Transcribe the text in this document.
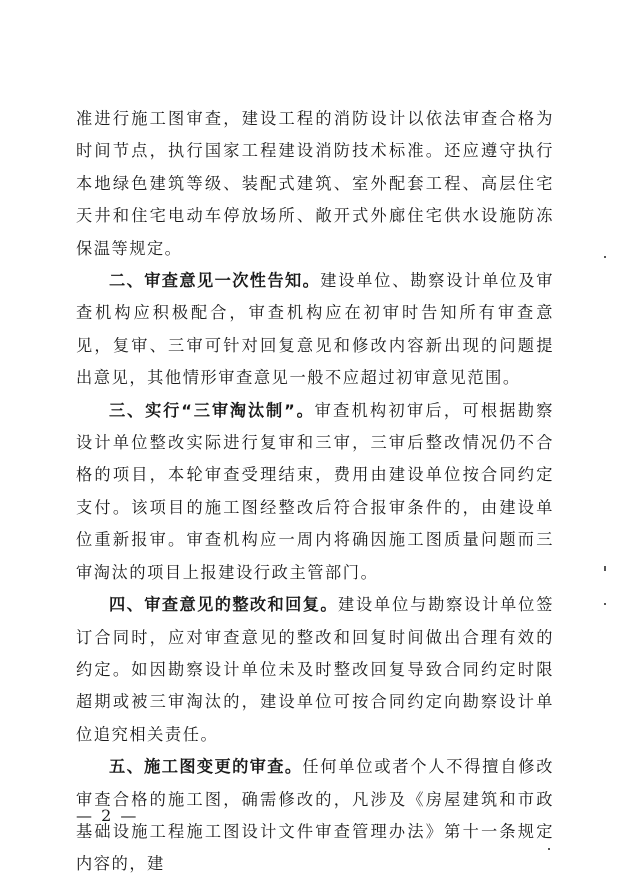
准进行施工图审查，建设工程的消防设计以依法审查合格为时间节点，执行国家工程建设消防技术标准。还应遵守执行本地绿色建筑等级、装配式建筑、室外配套工程、高层住宅天井和住宅电动车停放场所、敞开式外廊住宅供水设施防冻保温等规定。

二、审查意见一次性告知。建设单位、勘察设计单位及审查机构应积极配合，审查机构应在初审时告知所有审查意见，复审、三审可针对回复意见和修改内容新出现的问题提出意见，其他情形审查意见一般不应超过初审意见范围。

三、实行“三审淘汰制”。审查机构初审后，可根据勘察设计单位整改实际进行复审和三审，三审后整改情况仍不合格的项目，本轮审查受理结束，费用由建设单位按合同约定支付。该项目的施工图经整改后符合报审条件的，由建设单位重新报审。审查机构应一周内将确因施工图质量问题而三审淘汰的项目上报建设行政主管部门。

四、审查意见的整改和回复。建设单位与勘察设计单位签订合同时，应对审查意见的整改和回复时间做出合理有效的约定。如因勘察设计单位未及时整改回复导致合同约定时限超期或被三审淘汰的，建设单位可按合同约定向勘察设计单位追究相关责任。

五、施工图变更的审查。任何单位或者个人不得擅自修改审查合格的施工图，确需修改的，凡涉及《房屋建筑和市政基础设施工程施工图设计文件审查管理办法》第十一条规定内容的，建

— 2 —
